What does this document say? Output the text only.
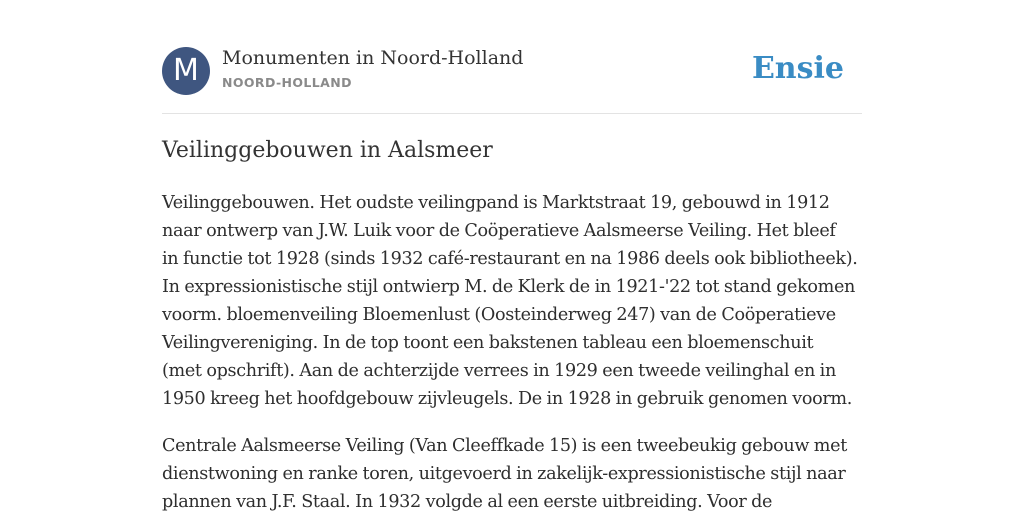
M	Monumenten in Noord-Holland
NOORD-HOLLAND	Ensie
Veilinggebouwen in Aalsmeer

Veilinggebouwen. Het oudste veilingpand is Marktstraat 19, gebouwd in 1912
naar ontwerp van J.W. Luik voor de Coöperatieve Aalsmeerse Veiling. Het bleef
in functie tot 1928 (sinds 1932 café-restaurant en na 1986 deels ook bibliotheek).
In expressionistische stijl ontwierp M. de Klerk de in 1921-'22 tot stand gekomen
voorm. bloemenveiling Bloemenlust (Oosteinderweg 247) van de Coöperatieve
Veilingvereniging. In de top toont een bakstenen tableau een bloemenschuit
(met opschrift). Aan de achterzijde verrees in 1929 een tweede veilinghal en in
1950 kreeg het hoofdgebouw zijvleugels. De in 1928 in gebruik genomen voorm.

Centrale Aalsmeerse Veiling (Van Cleeffkade 15) is een tweebeukig gebouw met
dienstwoning en ranke toren, uitgevoerd in zakelijk-expressionistische stijl naar
plannen van J.F. Staal. In 1932 volgde al een eerste uitbreiding. Voor de
